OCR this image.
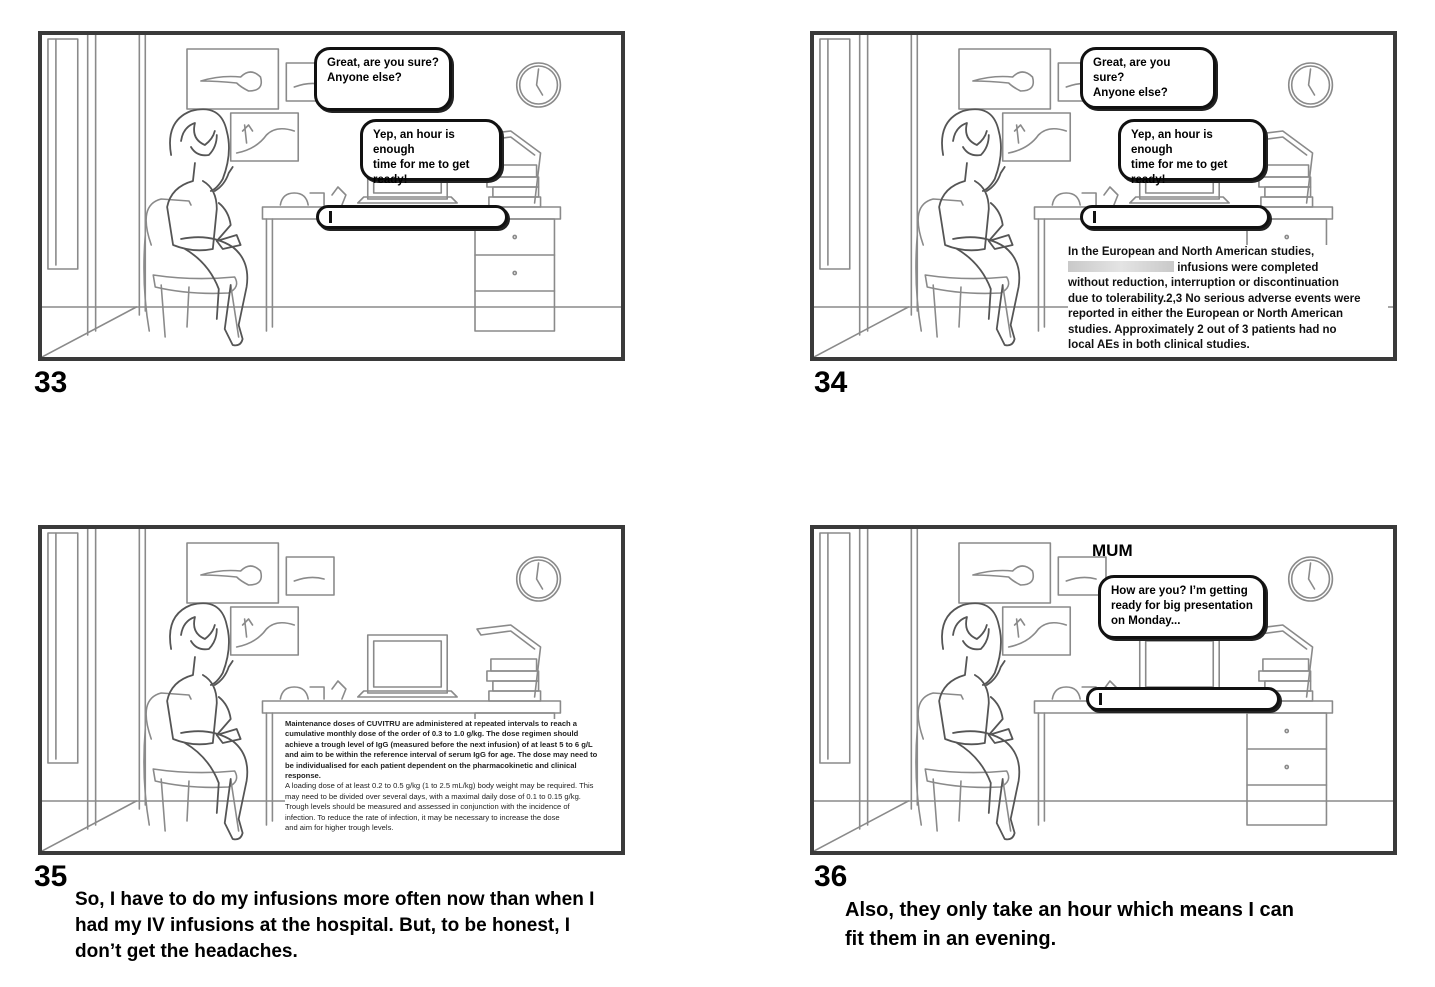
Great, are you sure?

Anyone else?

Yep, an hour is enough

time for me to get

ready!

33

Great, are you sure?

Anyone else?

Yep, an hour is enough

time for me to get

ready!

In the European and North American studies,
infusions were completed
without reduction, interruption or discontinuation
due to tolerability.2,3 No serious adverse events were
reported in either the European or North American
studies. Approximately 2 out of 3 patients had no
local AEs in both clinical studies.
34
Maintenance doses of CUVITRU are administered at repeated intervals to reach a
cumulative monthly dose of the order of 0.3 to 1.0 g/kg. The dose regimen should
achieve a trough level of IgG (measured before the next infusion) of at least 5 to 6 g/L
and aim to be within the reference interval of serum IgG for age. The dose may need to
be individualised for each patient dependent on the pharmacokinetic and clinical
response.
A loading dose of at least 0.2 to 0.5 g/kg (1 to 2.5 mL/kg) body weight may be required. This
may need to be divided over several days, with a maximal daily dose of 0.1 to 0.15 g/kg.
Trough levels should be measured and assessed in conjunction with the incidence of
infection. To reduce the rate of infection, it may be necessary to increase the dose
and aim for higher trough levels.
35
So, I have to do my infusions more often now than when I
had my IV infusions at the hospital. But, to be honest, I
don’t get the headaches.
MUM

How are you? I’m getting

ready for big presentation

on Monday...

36
Also, they only take an hour which means I can
fit them in an evening.
